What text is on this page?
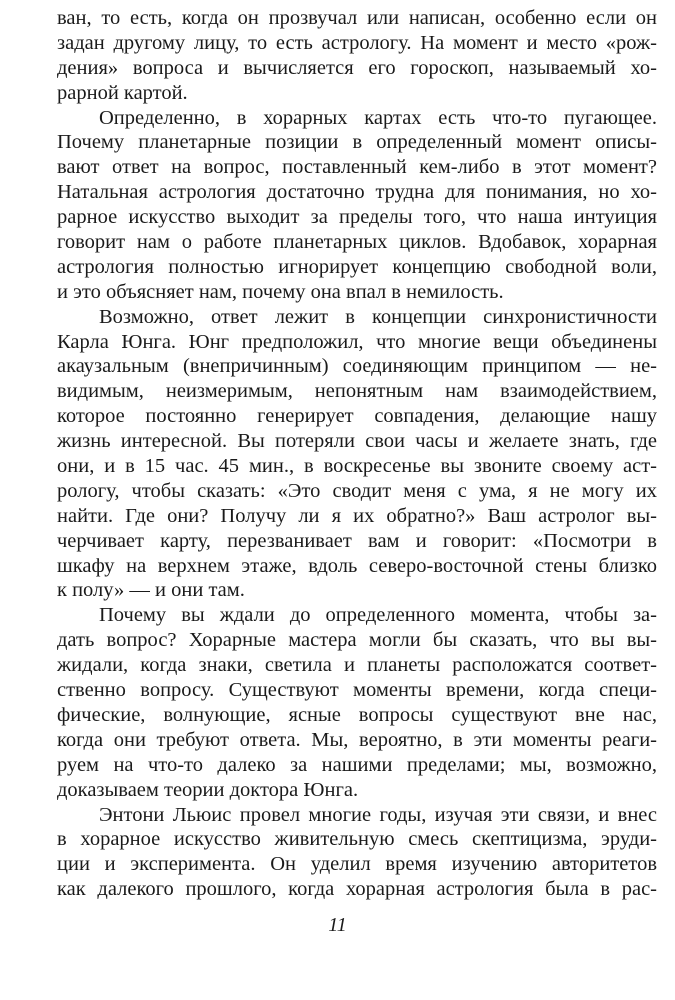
ван, то есть, когда он прозвучал или написан, особенно если он
задан другому лицу, то есть астрологу. На момент и место «рож-
дения» вопроса и вычисляется его гороскоп, называемый хо-
рарной картой.
Определенно, в хорарных картах есть что-то пугающее.
Почему планетарные позиции в определенный момент описы-
вают ответ на вопрос, поставленный кем-либо в этот момент?
Натальная астрология достаточно трудна для понимания, но хо-
рарное искусство выходит за пределы того, что наша интуиция
говорит нам о работе планетарных циклов. Вдобавок, хорарная
астрология полностью игнорирует концепцию свободной воли,
и это объясняет нам, почему она впал в немилость.
Возможно, ответ лежит в концепции синхронистичности
Карла Юнга. Юнг предположил, что многие вещи объединены
акаузальным (внепричинным) соединяющим принципом — не-
видимым, неизмеримым, непонятным нам взаимодействием,
которое постоянно генерирует совпадения, делающие нашу
жизнь интересной. Вы потеряли свои часы и желаете знать, где
они, и в 15 час. 45 мин., в воскресенье вы звоните своему аст-
рологу, чтобы сказать: «Это сводит меня с ума, я не могу их
найти. Где они? Получу ли я их обратно?» Ваш астролог вы-
черчивает карту, перезванивает вам и говорит: «Посмотри в
шкафу на верхнем этаже, вдоль северо-восточной стены близко
к полу» — и они там.
Почему вы ждали до определенного момента, чтобы за-
дать вопрос? Хорарные мастера могли бы сказать, что вы вы-
жидали, когда знаки, светила и планеты расположатся соответ-
ственно вопросу. Существуют моменты времени, когда специ-
фические, волнующие, ясные вопросы существуют вне нас,
когда они требуют ответа. Мы, вероятно, в эти моменты реаги-
руем на что-то далеко за нашими пределами; мы, возможно,
доказываем теории доктора Юнга.
Энтони Льюис провел многие годы, изучая эти связи, и внес
в хорарное искусство живительную смесь скептицизма, эруди-
ции и эксперимента. Он уделил время изучению авторитетов
как далекого прошлого, когда хорарная астрология была в рас-
11
